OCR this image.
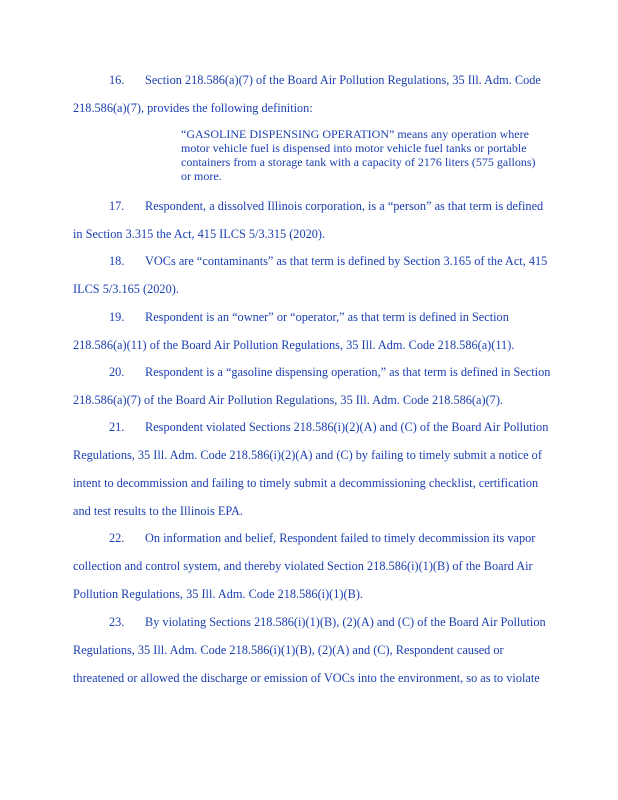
16. Section 218.586(a)(7) of the Board Air Pollution Regulations, 35 Ill. Adm. Code
218.586(a)(7), provides the following definition:
“GASOLINE DISPENSING OPERATION” means any operation where
motor vehicle fuel is dispensed into motor vehicle fuel tanks or portable
containers from a storage tank with a capacity of 2176 liters (575 gallons)
or more.
17. Respondent, a dissolved Illinois corporation, is a “person” as that term is defined
in Section 3.315 the Act, 415 ILCS 5/3.315 (2020).
18. VOCs are “contaminants” as that term is defined by Section 3.165 of the Act, 415
ILCS 5/3.165 (2020).
19. Respondent is an “owner” or “operator,” as that term is defined in Section
218.586(a)(11) of the Board Air Pollution Regulations, 35 Ill. Adm. Code 218.586(a)(11).
20. Respondent is a “gasoline dispensing operation,” as that term is defined in Section
218.586(a)(7) of the Board Air Pollution Regulations, 35 Ill. Adm. Code 218.586(a)(7).
21. Respondent violated Sections 218.586(i)(2)(A) and (C) of the Board Air Pollution
Regulations, 35 Ill. Adm. Code 218.586(i)(2)(A) and (C) by failing to timely submit a notice of
intent to decommission and failing to timely submit a decommissioning checklist, certification
and test results to the Illinois EPA.
22. On information and belief, Respondent failed to timely decommission its vapor
collection and control system, and thereby violated Section 218.586(i)(1)(B) of the Board Air
Pollution Regulations, 35 Ill. Adm. Code 218.586(i)(1)(B).
23. By violating Sections 218.586(i)(1)(B), (2)(A) and (C) of the Board Air Pollution
Regulations, 35 Ill. Adm. Code 218.586(i)(1)(B), (2)(A) and (C), Respondent caused or
threatened or allowed the discharge or emission of VOCs into the environment, so as to violate
